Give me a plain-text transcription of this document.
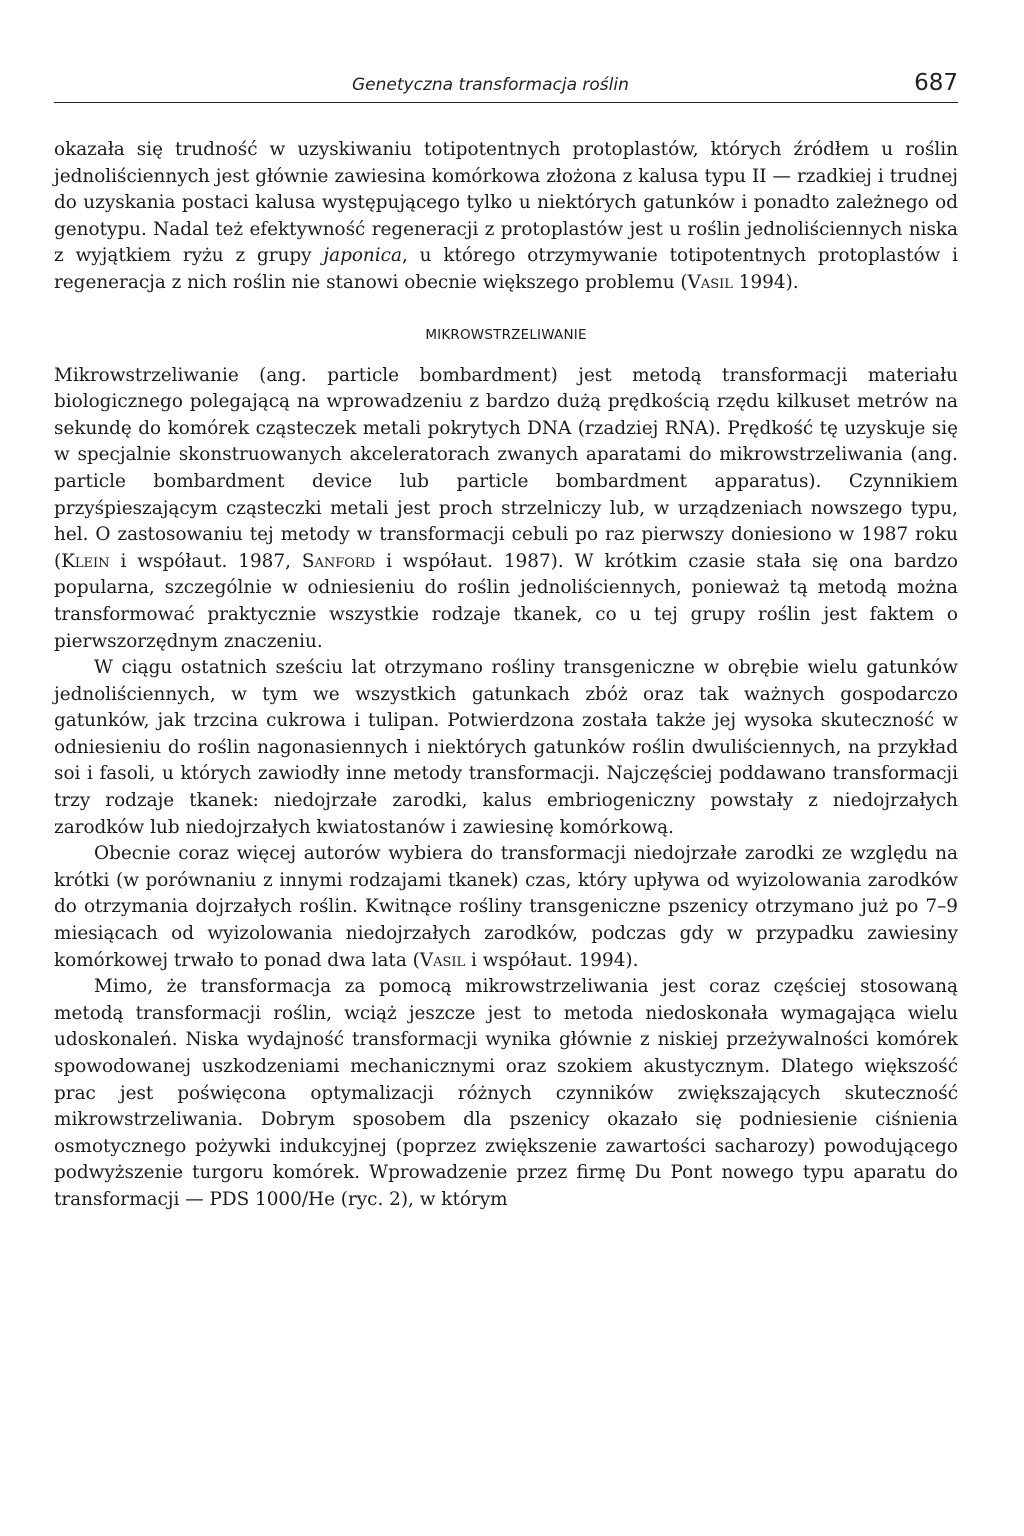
Genetyczna transformacja roślin	687

okazała się trudność w uzyskiwaniu totipotentnych protoplastów, których źródłem u roślin jednoliściennych jest głównie zawiesina komórkowa złożona z kalusa typu II — rzadkiej i trudnej do uzyskania postaci kalusa występującego tylko u niektórych gatunków i ponadto zależnego od genotypu. Nadal też efektywność regeneracji z protoplastów jest u roślin jednoliściennych niska z wyjątkiem ryżu z grupy japonica, u którego otrzymywanie totipotentnych protoplastów i regeneracja z nich roślin nie stanowi obecnie większego problemu (Vasil 1994).

MIKROWSTRZELIWANIE

Mikrowstrzeliwanie (ang. particle bombardment) jest metodą transformacji materiału biologicznego polegającą na wprowadzeniu z bardzo dużą prędkością rzędu kilkuset metrów na sekundę do komórek cząsteczek metali pokrytych DNA (rzadziej RNA). Prędkość tę uzyskuje się w specjalnie skonstruowanych akceleratorach zwanych aparatami do mikrowstrzeliwania (ang. particle bombardment device lub particle bombardment apparatus). Czynnikiem przyśpieszającym cząsteczki metali jest proch strzelniczy lub, w urządzeniach nowszego typu, hel. O zastosowaniu tej metody w transformacji cebuli po raz pierwszy doniesiono w 1987 roku (Klein i współaut. 1987, Sanford i współaut. 1987). W krótkim czasie stała się ona bardzo popularna, szczególnie w odniesieniu do roślin jednoliściennych, ponieważ tą metodą można transformować praktycznie wszystkie rodzaje tkanek, co u tej grupy roślin jest faktem o pierwszorzędnym znaczeniu.

W ciągu ostatnich sześciu lat otrzymano rośliny transgeniczne w obrębie wielu gatunków jednoliściennych, w tym we wszystkich gatunkach zbóż oraz tak ważnych gospodarczo gatunków, jak trzcina cukrowa i tulipan. Potwierdzona została także jej wysoka skuteczność w odniesieniu do roślin nagonasiennych i niektórych gatunków roślin dwuliściennych, na przykład soi i fasoli, u których zawiodły inne metody transformacji. Najczęściej poddawano transformacji trzy rodzaje tkanek: niedojrzałe zarodki, kalus embriogeniczny powstały z niedojrzałych zarodków lub niedojrzałych kwiatostanów i zawiesinę komórkową.

Obecnie coraz więcej autorów wybiera do transformacji niedojrzałe zarodki ze względu na krótki (w porównaniu z innymi rodzajami tkanek) czas, który upływa od wyizolowania zarodków do otrzymania dojrzałych roślin. Kwitnące rośliny transgeniczne pszenicy otrzymano już po 7–9 miesiącach od wyizolowania niedojrzałych zarodków, podczas gdy w przypadku zawiesiny komórkowej trwało to ponad dwa lata (Vasil i współaut. 1994).

Mimo, że transformacja za pomocą mikrowstrzeliwania jest coraz częściej stosowaną metodą transformacji roślin, wciąż jeszcze jest to metoda niedoskonała wymagająca wielu udoskonaleń. Niska wydajność transformacji wynika głównie z niskiej przeżywalności komórek spowodowanej uszkodzeniami mechanicznymi oraz szokiem akustycznym. Dlatego większość prac jest poświęcona optymalizacji różnych czynników zwiększających skuteczność mikrowstrzeliwania. Dobrym sposobem dla pszenicy okazało się podniesienie ciśnienia osmotycznego pożywki indukcyjnej (poprzez zwiększenie zawartości sacharozy) powodującego podwyższenie turgoru komórek. Wprowadzenie przez firmę Du Pont nowego typu aparatu do transformacji — PDS 1000/He (ryc. 2), w którym
